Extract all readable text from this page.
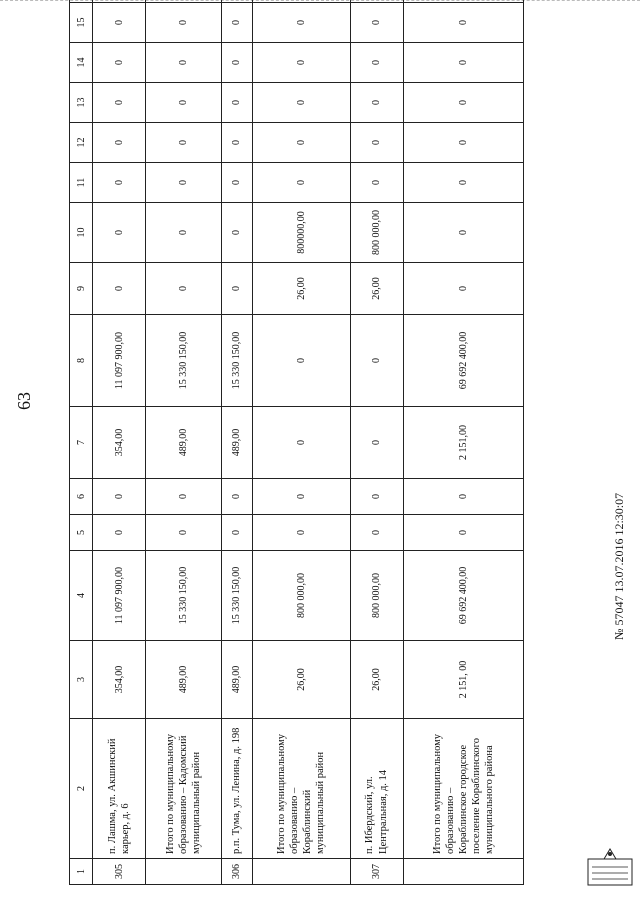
63
1	2	3	4	5	6	7	8	9	10	11	12	13	14	15	
305	п. Лашма, ул. Акшинский карьер, д. 6	354,00	11 097 900,00	0	0	354,00	11 097 900,00	0	0	0	0	0	0	0	
	Итого по муниципальному образованию – Кадомский муниципальный район	489,00	15 330 150,00	0	0	489,00	15 330 150,00	0	0	0	0	0	0	0	
306	р.п. Тума, ул. Ленина, д. 198	489,00	15 330 150,00	0	0	489,00	15 330 150,00	0	0	0	0	0	0	0	
	Итого по муниципальному образованию – Кораблинский муниципальный район	26,00	800 000,00	0	0	0	0	26,00	800000,00	0	0	0	0	0	
307	п. Ибердский, ул. Центральная, д. 14	26,00	800 000,00	0	0	0	0	26,00	800 000,00	0	0	0	0	0	
	Итого по муниципальному образованию – Кораблинское городское поселение Кораблинского муниципального района	2 151, 00	69 692 400,00	0	0	2 151,00	69 692 400,00	0	0	0	0	0	0	0	
№ 57047 13.07.2016 12:30:07
